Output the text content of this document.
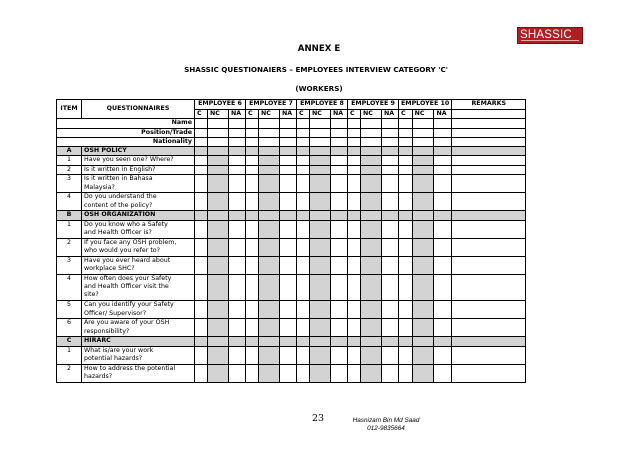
SHASSIC
ANNEX E
SHASSIC QUESTIONAIERS – EMPLOYEES INTERVIEW CATEGORY 'C'
(WORKERS)
ITEM	QUESTIONNAIRES	EMPLOYEE 6			EMPLOYEE 7			EMPLOYEE 8			EMPLOYEE 9			EMPLOYEE 10			REMARKS
		C	NC	NA	C	NC	NA	C	NC	NA	C	NC	NA	C	NC	NA	
Name																	
Position/Trade																	
Nationality																	
A	OSH POLICY																
1	Have you seen one? Where?																

2	Is it written in English?																

3	Is it written in Bahasa
Malaysia?																

4	Do you understand the
content of the policy?																

B	OSH ORGANIZATION																
1	Do you know who a Safety
and Health Officer is?																

2	If you face any OSH problem,
who would you refer to?																

3	Have you ever heard about
workplace SHC?																

4	How often does your Safety
and Health Officer visit the
site?																

5	Can you identify your Safety
Officer/ Supervisor?																

6	Are you aware of your OSH
responsibility?																

C	HIRARC																
1	What is/are your work
potential hazards?																

2	How to address the potential
hazards?																

23	Hasnizam Bin Md Saad
012-9835664
